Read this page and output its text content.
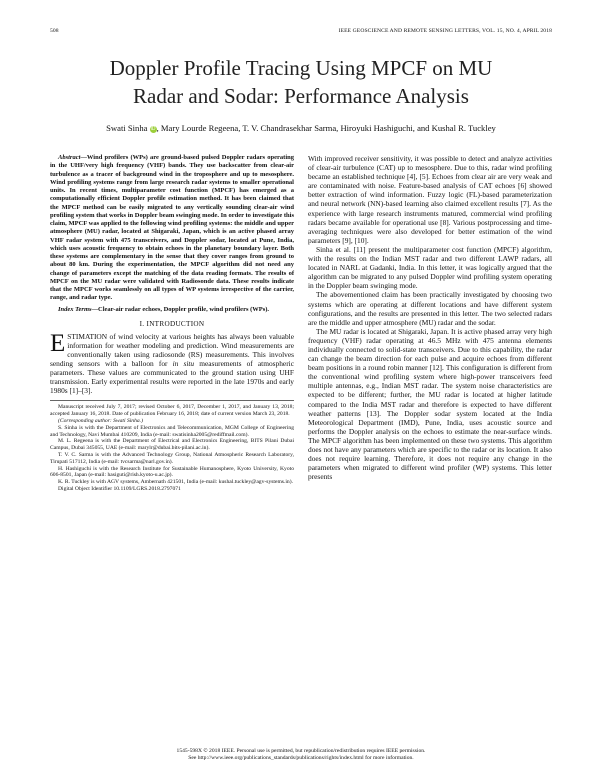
508	IEEE GEOSCIENCE AND REMOTE SENSING LETTERS, VOL. 15, NO. 4, APRIL 2018
Doppler Profile Tracing Using MPCF on MU
Radar and Sodar: Performance Analysis
Swati Sinha iD, Mary Lourde Regeena, T. V. Chandrasekhar Sarma, Hiroyuki Hashiguchi, and Kushal R. Tuckley

Abstract—Wind profilers (WPs) are ground-based pulsed Doppler radars operating in the UHF/very high frequency (VHF) bands. They use backscatter from clear-air turbulence as a tracer of background wind in the troposphere and up to mesosphere. Wind profiling systems range from large research radar systems to smaller operational units. In recent times, multiparameter cost function (MPCF) has emerged as a computationally efficient Doppler profile estimation method. It has been claimed that the MPCF method can be easily migrated to any vertically sounding clear-air wind profiling system that works in Doppler beam swinging mode. In order to investigate this claim, MPCF was applied to the following wind profiling systems: the middle and upper atmosphere (MU) radar, located at Shigaraki, Japan, which is an active phased array VHF radar system with 475 transceivers, and Doppler sodar, located at Pune, India, which uses acoustic frequency to obtain echoes in the planetary boundary layer. Both these systems are complementary in the sense that they cover ranges from ground to about 80 km. During the experimentation, the MPCF algorithm did not need any change of parameters except the matching of the data reading formats. The results of MPCF on the MU radar were validated with Radiosonde data. These results indicate that the MPCF works seamlessly on all types of WP systems irrespective of the carrier, range, and radar type.

Index Terms—Clear-air radar echoes, Doppler profile, wind profilers (WPs).
I. INTRODUCTION
ESTIMATION of wind velocity at various heights has always been valuable information for weather modeling and prediction. Wind measurements are conventionally taken using radiosonde (RS) measurements. This involves sending sensors with a balloon for in situ measurements of atmospheric parameters. These values are communicated to the ground station using UHF transmission. Early experimental results were reported in the late 1970s and early 1980s [1]–[3].

Manuscript received July 7, 2017; revised October 6, 2017, December 1, 2017, and January 13, 2018; accepted January 16, 2018. Date of publication February 16, 2018; date of current version March 23, 2018.

(Corresponding author: Swati Sinha.)

S. Sinha is with the Department of Electronics and Telecommunication, MGM College of Engineering and Technology, Navi Mumbai 410209, India (e-mail: swatisinha2005@rediffmail.com).

M. L. Regeena is with the Department of Electrical and Electronics Engineering, BITS Pilani Dubai Campus, Dubai 345055, UAE (e-mail: marylr@dubai.bits-pilani.ac.in).

T. V. C. Sarma is with the Advanced Technology Group, National Atmospheric Research Laboratory, Tirupati 517112, India (e-mail: tvcsarma@narl.gov.in).

H. Hashiguchi is with the Research Institute for Sustainable Humanosphere, Kyoto University, Kyoto 606-8501, Japan (e-mail: hasiguti@rish.kyoto-u.ac.jp).

K. R. Tuckley is with AGV systems, Ambernath 421501, India (e-mail: kushal.tuckley@agv-systems.in).

Digital Object Identifier 10.1109/LGRS.2018.2797071

With improved receiver sensitivity, it was possible to detect and analyze activities of clear-air turbulence (CAT) up to mesosphere. Due to this, radar wind profiling became an established technique [4], [5]. Echoes from clear air are very weak and are contaminated with noise. Feature-based analysis of CAT echoes [6] showed better extraction of wind information. Fuzzy logic (FL)-based parameterization and neural network (NN)-based learning also claimed excellent results [7]. As the experience with large research instruments matured, commercial wind profiling radars became available for operational use [8]. Various postprocessing and time-averaging techniques were also developed for better estimation of the wind parameters [9], [10].

Sinha et al. [11] present the multiparameter cost function (MPCF) algorithm, with the results on the Indian MST radar and two different LAWP radars, all located in NARL at Gadanki, India. In this letter, it was logically argued that the algorithm can be migrated to any pulsed Doppler wind profiling system operating in the Doppler beam swinging mode.

The abovementioned claim has been practically investigated by choosing two systems which are operating at different locations and have different system configurations, and the results are presented in this letter. The two selected radars are the middle and upper atmosphere (MU) radar and the sodar.

The MU radar is located at Shigaraki, Japan. It is active phased array very high frequency (VHF) radar operating at 46.5 MHz with 475 antenna elements individually connected to solid-state transceivers. Due to this capability, the radar can change the beam direction for each pulse and acquire echoes from different beam positions in a round robin manner [12]. This configuration is different from the conventional wind profiling system where high-power transceivers feed multiple antennas, e.g., Indian MST radar. The system noise characteristics are expected to be different; further, the MU radar is located at higher latitude compared to the India MST radar and therefore is expected to have different weather patterns [13]. The Doppler sodar system located at the India Meteorological Department (IMD), Pune, India, uses acoustic source and performs the Doppler analysis on the echoes to estimate the near-surface winds. The MPCF algorithm has been implemented on these two systems. This algorithm does not have any parameters which are specific to the radar or its location. It also does not require learning. Therefore, it does not require any change in the parameters when migrated to different wind profiler (WP) systems. This letter presents

1545-598X © 2018 IEEE. Personal use is permitted, but republication/redistribution requires IEEE permission.
See http://www.ieee.org/publications_standards/publications/rights/index.html for more information.
